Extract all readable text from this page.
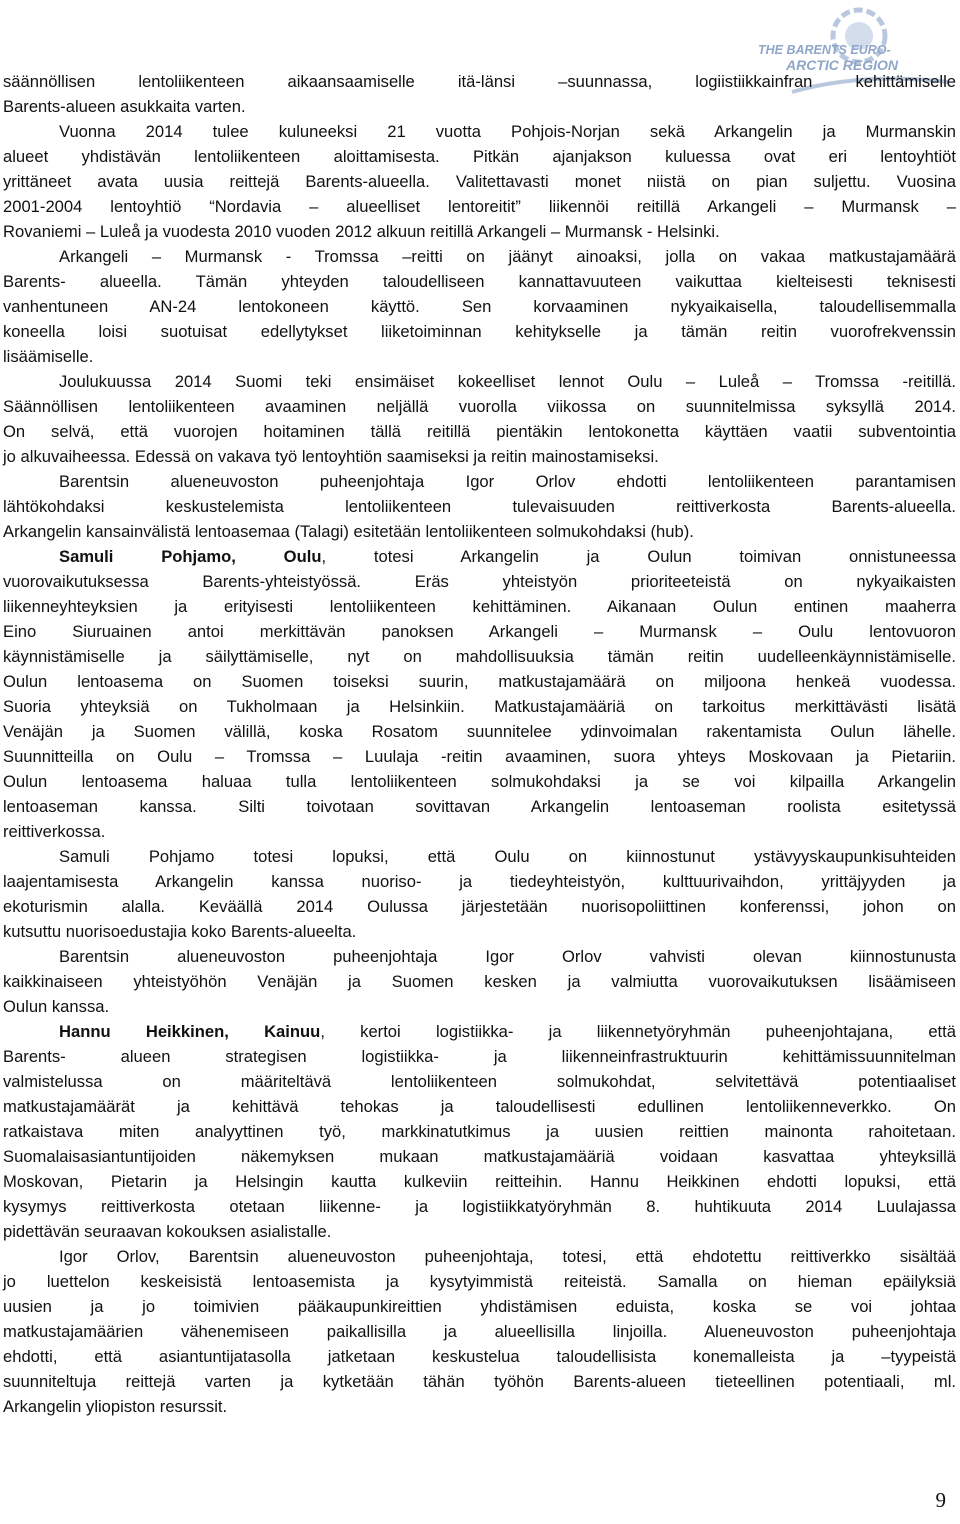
THE BARENTS EURO-
ARCTIC REGION
säännöllisen lentoliikenteen aikaansaamiselle itä-länsi –suunnassa, logiistiikkainfran kehittämiselle
Barents-alueen asukkaita varten.
Vuonna 2014 tulee kuluneeksi 21 vuotta Pohjois-Norjan sekä Arkangelin ja Murmanskin
alueet yhdistävän lentoliikenteen aloittamisesta. Pitkän ajanjakson kuluessa ovat eri lentoyhtiöt
yrittäneet avata uusia reittejä Barents-alueella. Valitettavasti monet niistä on pian suljettu. Vuosina
2001-2004 lentoyhtiö “Nordavia – alueelliset lentoreitit” liikennöi reitillä Arkangeli – Murmansk –
Rovaniemi – Luleå ja vuodesta 2010 vuoden 2012 alkuun reitillä Arkangeli – Murmansk - Helsinki.
Arkangeli – Murmansk - Tromssa –reitti on jäänyt ainoaksi, jolla on vakaa matkustajamäärä
Barents- alueella. Tämän yhteyden taloudelliseen kannattavuuteen vaikuttaa kielteisesti teknisesti
vanhentuneen AN-24 lentokoneen käyttö. Sen korvaaminen nykyaikaisella, taloudellisemmalla
koneella loisi suotuisat edellytykset liiketoiminnan kehitykselle ja tämän reitin vuorofrekvenssin
lisäämiselle.
Joulukuussa 2014 Suomi teki ensimäiset kokeelliset lennot Oulu – Luleå – Tromssa -reitillä.
Säännöllisen lentoliikenteen avaaminen neljällä vuorolla viikossa on suunnitelmissa syksyllä 2014.
On selvä, että vuorojen hoitaminen tällä reitillä pientäkin lentokonetta käyttäen vaatii subventointia
jo alkuvaiheessa. Edessä on vakava työ lentoyhtiön saamiseksi ja reitin mainostamiseksi.
Barentsin alueneuvoston puheenjohtaja Igor Orlov ehdotti lentoliikenteen parantamisen
lähtökohdaksi keskustelemista lentoliikenteen tulevaisuuden reittiverkosta Barents-alueella.
Arkangelin kansainvälistä lentoasemaa (Talagi) esitetään lentoliikenteen solmukohdaksi (hub).
Samuli Pohjamo, Oulu, totesi Arkangelin ja Oulun toimivan onnistuneessa
vuorovaikutuksessa Barents-yhteistyössä. Eräs yhteistyön prioriteeteistä on nykyaikaisten
liikenneyhteyksien ja erityisesti lentoliikenteen kehittäminen. Aikanaan Oulun entinen maaherra
Eino Siuruainen antoi merkittävän panoksen Arkangeli – Murmansk – Oulu lentovuoron
käynnistämiselle ja säilyttämiselle, nyt on mahdollisuuksia tämän reitin uudelleenkäynnistämiselle.
Oulun lentoasema on Suomen toiseksi suurin, matkustajamäärä on miljoona henkeä vuodessa.
Suoria yhteyksiä on Tukholmaan ja Helsinkiin. Matkustajamääriä on tarkoitus merkittävästi lisätä
Venäjän ja Suomen välillä, koska Rosatom suunnitelee ydinvoimalan rakentamista Oulun lähelle.
Suunnitteilla on Oulu – Tromssa – Luulaja -reitin avaaminen, suora yhteys Moskovaan ja Pietariin.
Oulun lentoasema haluaa tulla lentoliikenteen solmukohdaksi ja se voi kilpailla Arkangelin
lentoaseman kanssa. Silti toivotaan sovittavan Arkangelin lentoaseman roolista esitetyssä
reittiverkossa.
Samuli Pohjamo totesi lopuksi, että Oulu on kiinnostunut ystävyyskaupunkisuhteiden
laajentamisesta Arkangelin kanssa nuoriso- ja tiedeyhteistyön, kulttuurivaihdon, yrittäjyyden ja
ekoturismin alalla. Keväällä 2014 Oulussa järjestetään nuorisopoliittinen konferenssi, johon on
kutsuttu nuorisoedustajia koko Barents-alueelta.
Barentsin alueneuvoston puheenjohtaja Igor Orlov vahvisti olevan kiinnostunusta
kaikkinaiseen yhteistyöhön Venäjän ja Suomen kesken ja valmiutta vuorovaikutuksen lisäämiseen
Oulun kanssa.
Hannu Heikkinen, Kainuu, kertoi logistiikka- ja liikennetyöryhmän puheenjohtajana, että
Barents- alueen strategisen logistiikka- ja liikenneinfrastruktuurin kehittämissuunnitelman
valmistelussa on määriteltävä lentoliikenteen solmukohdat, selvitettävä potentiaaliset
matkustajamäärät ja kehittävä tehokas ja taloudellisesti edullinen lentoliikenneverkko. On
ratkaistava miten analyyttinen työ, markkinatutkimus ja uusien reittien mainonta rahoitetaan.
Suomalaisasiantuntijoiden näkemyksen mukaan matkustajamääriä voidaan kasvattaa yhteyksillä
Moskovan, Pietarin ja Helsingin kautta kulkeviin reitteihin. Hannu Heikkinen ehdotti lopuksi, että
kysymys reittiverkosta otetaan liikenne- ja logistiikkatyöryhmän 8. huhtikuuta 2014 Luulajassa
pidettävän seuraavan kokouksen asialistalle.
Igor Orlov, Barentsin alueneuvoston puheenjohtaja, totesi, että ehdotettu reittiverkko sisältää
jo luettelon keskeisistä lentoasemista ja kysytyimmistä reiteistä. Samalla on hieman epäilyksiä
uusien ja jo toimivien pääkaupunkireittien yhdistämisen eduista, koska se voi johtaa
matkustajamäärien vähenemiseen paikallisilla ja alueellisilla linjoilla. Alueneuvoston puheenjohtaja
ehdotti, että asiantuntijatasolla jatketaan keskustelua taloudellisista konemalleista ja –tyypeistä
suunniteltuja reittejä varten ja kytketään tähän työhön Barents-alueen tieteellinen potentiaali, ml.
Arkangelin yliopiston resurssit.
9
